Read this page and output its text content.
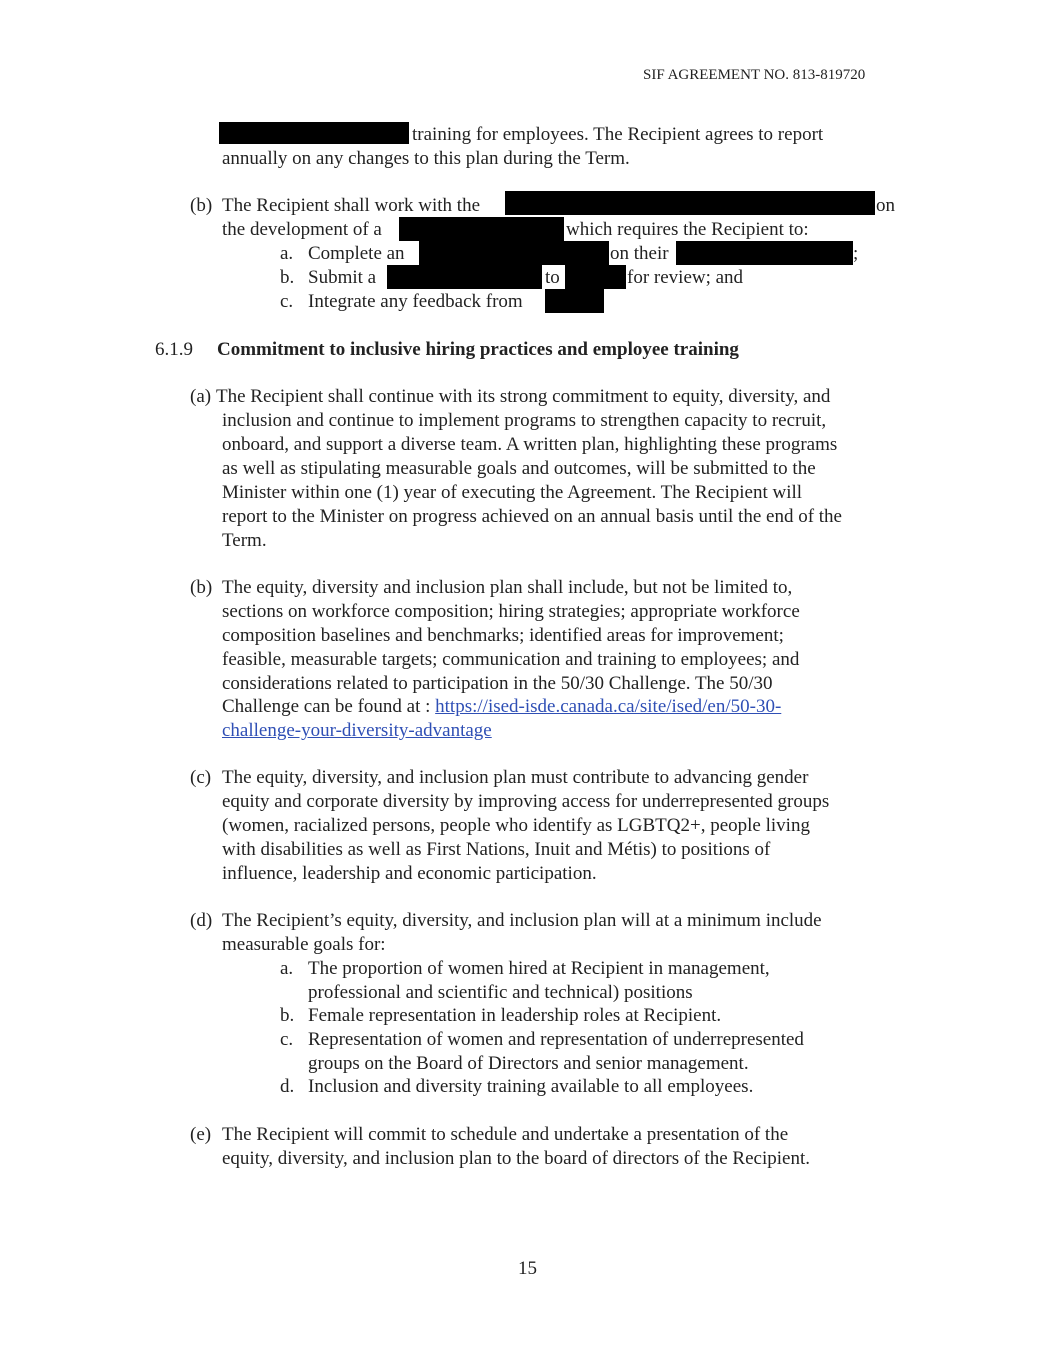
SIF AGREEMENT NO. 813-819720
training for employees. The Recipient agrees to report
annually on any changes to this plan during the Term.
(b) The Recipient shall work with the	on
the development of a	which requires the Recipient to:
a. Complete an	on their	;
b. Submit a	to	for review; and
c. Integrate any feedback from
6.1.9 Commitment to inclusive hiring practices and employee training
(a) The Recipient shall continue with its strong commitment to equity, diversity, and
inclusion and continue to implement programs to strengthen capacity to recruit,
onboard, and support a diverse team. A written plan, highlighting these programs
as well as stipulating measurable goals and outcomes, will be submitted to the
Minister within one (1) year of executing the Agreement. The Recipient will
report to the Minister on progress achieved on an annual basis until the end of the
Term.
(b) The equity, diversity and inclusion plan shall include, but not be limited to,
sections on workforce composition; hiring strategies; appropriate workforce
composition baselines and benchmarks; identified areas for improvement;
feasible, measurable targets; communication and training to employees; and
considerations related to participation in the 50/30 Challenge. The 50/30
Challenge can be found at : https://ised-isde.canada.ca/site/ised/en/50-30-
challenge-your-diversity-advantage
(c) The equity, diversity, and inclusion plan must contribute to advancing gender
equity and corporate diversity by improving access for underrepresented groups
(women, racialized persons, people who identify as LGBTQ2+, people living
with disabilities as well as First Nations, Inuit and Métis) to positions of
influence, leadership and economic participation.
(d) The Recipient’s equity, diversity, and inclusion plan will at a minimum include
measurable goals for:
a. The proportion of women hired at Recipient in management,
professional and scientific and technical) positions
b. Female representation in leadership roles at Recipient.
c. Representation of women and representation of underrepresented
groups on the Board of Directors and senior management.
d. Inclusion and diversity training available to all employees.
(e) The Recipient will commit to schedule and undertake a presentation of the
equity, diversity, and inclusion plan to the board of directors of the Recipient.
15
